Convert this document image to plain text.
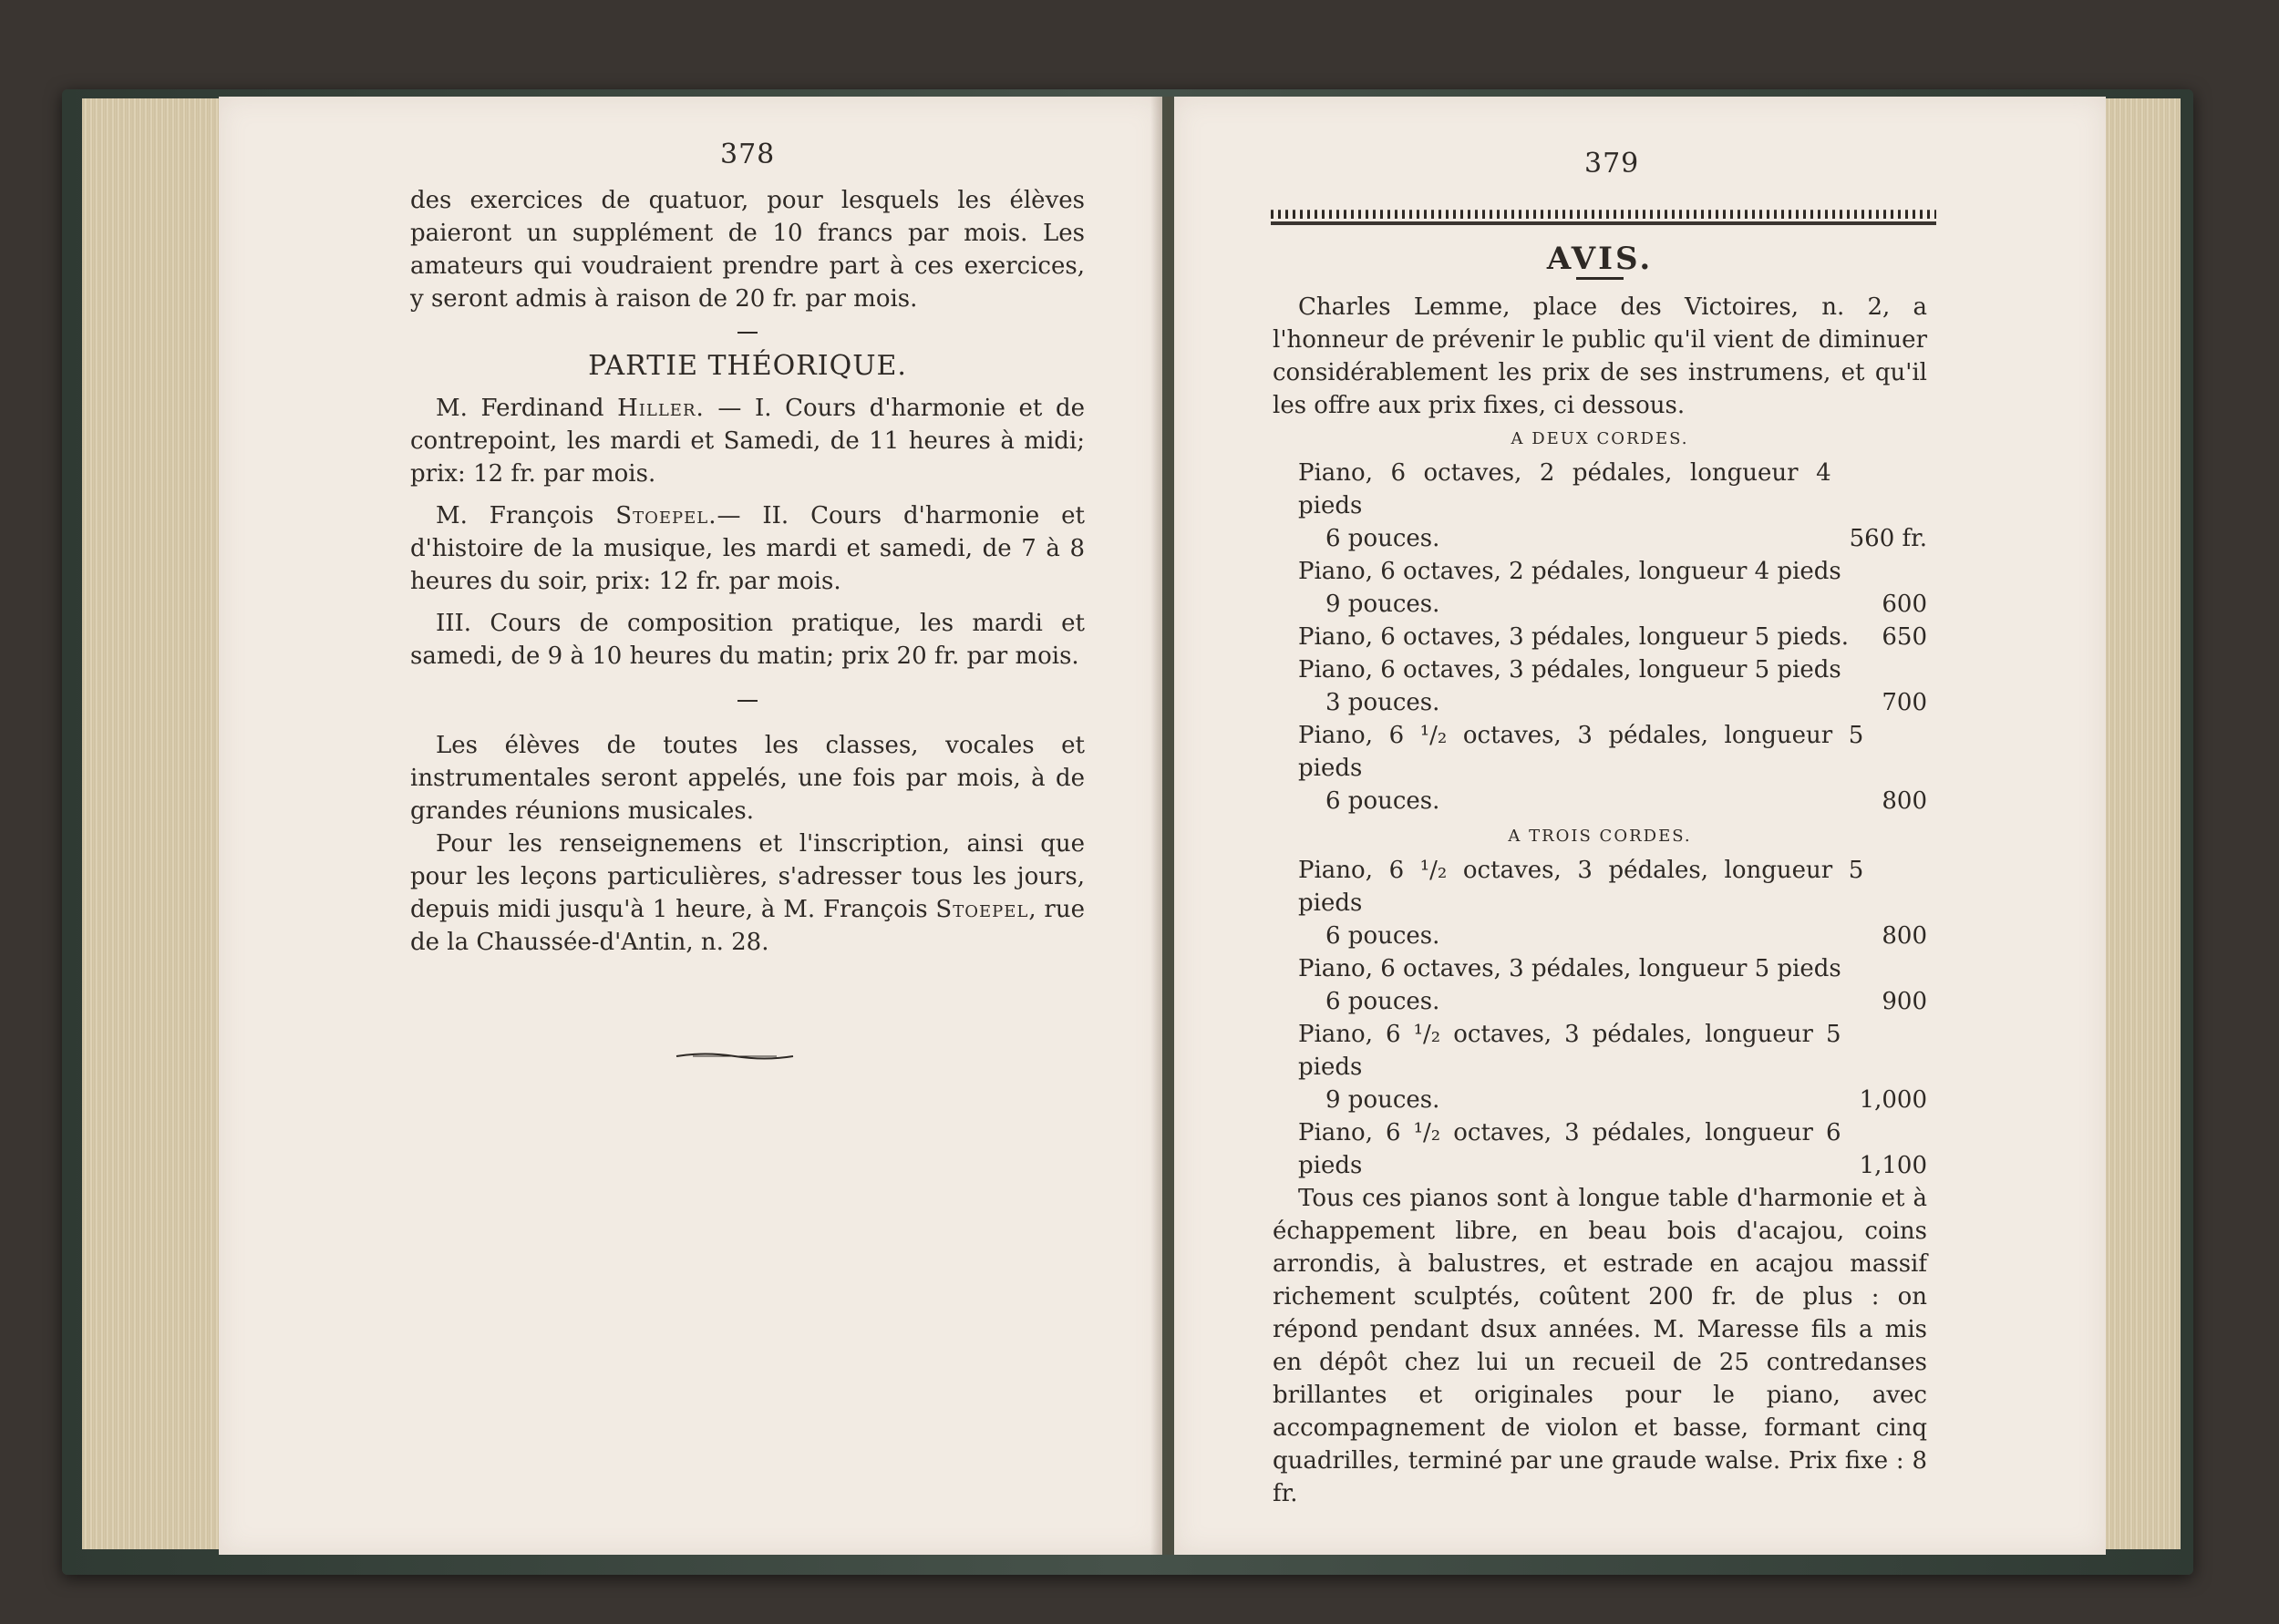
378

des exercices de quatuor, pour lesquels les élèves paieront un supplément de 10 francs par mois. Les amateurs qui voudraient prendre part à ces exercices, y seront admis à raison de 20 fr. par mois.

PARTIE THÉORIQUE.

M. Ferdinand Hiller. — I. Cours d'harmonie et de contrepoint, les mardi et Samedi, de 11 heures à midi; prix: 12 fr. par mois.

M. François Stoepel.— II. Cours d'harmonie et d'histoire de la musique, les mardi et samedi, de 7 à 8 heures du soir, prix: 12 fr. par mois.

III. Cours de composition pratique, les mardi et samedi, de 9 à 10 heures du matin; prix 20 fr. par mois.

Les élèves de toutes les classes, vocales et instrumentales seront appelés, une fois par mois, à de grandes réunions musicales.

Pour les renseignemens et l'inscription, ainsi que pour les leçons particulières, s'adresser tous les jours, depuis midi jusqu'à 1 heure, à M. François Stoepel, rue de la Chaussée-d'Antin, n. 28.

379
AVIS.

Charles Lemme, place des Victoires, n. 2, a l'honneur de prévenir le public qu'il vient de diminuer considérablement les prix de ses instrumens, et qu'il les offre aux prix fixes, ci dessous.

A DEUX CORDES.
Piano, 6 octaves, 2 pédales, longueur 4 pieds
6 pouces.	560 fr.
Piano, 6 octaves, 2 pédales, longueur 4 pieds
9 pouces.	600
Piano, 6 octaves, 3 pédales, longueur 5 pieds.	650
Piano, 6 octaves, 3 pédales, longueur 5 pieds
3 pouces.	700
Piano, 6 ¹/₂ octaves, 3 pédales, longueur 5 pieds
6 pouces.	800
A TROIS CORDES.
Piano, 6 ¹/₂ octaves, 3 pédales, longueur 5 pieds
6 pouces.	800
Piano, 6 octaves, 3 pédales, longueur 5 pieds
6 pouces.	900
Piano, 6 ¹/₂ octaves, 3 pédales, longueur 5 pieds
9 pouces.	1,000
Piano, 6 ¹/₂ octaves, 3 pédales, longueur 6 pieds	1,100

Tous ces pianos sont à longue table d'harmonie et à échappement libre, en beau bois d'acajou, coins arrondis, à balustres, et estrade en acajou massif richement sculptés, coûtent 200 fr. de plus : on répond pendant dsux années. M. Maresse fils a mis en dépôt chez lui un recueil de 25 contredanses brillantes et originales pour le piano, avec accompagnement de violon et basse, formant cinq quadrilles, terminé par une graude walse. Prix fixe : 8 fr.
